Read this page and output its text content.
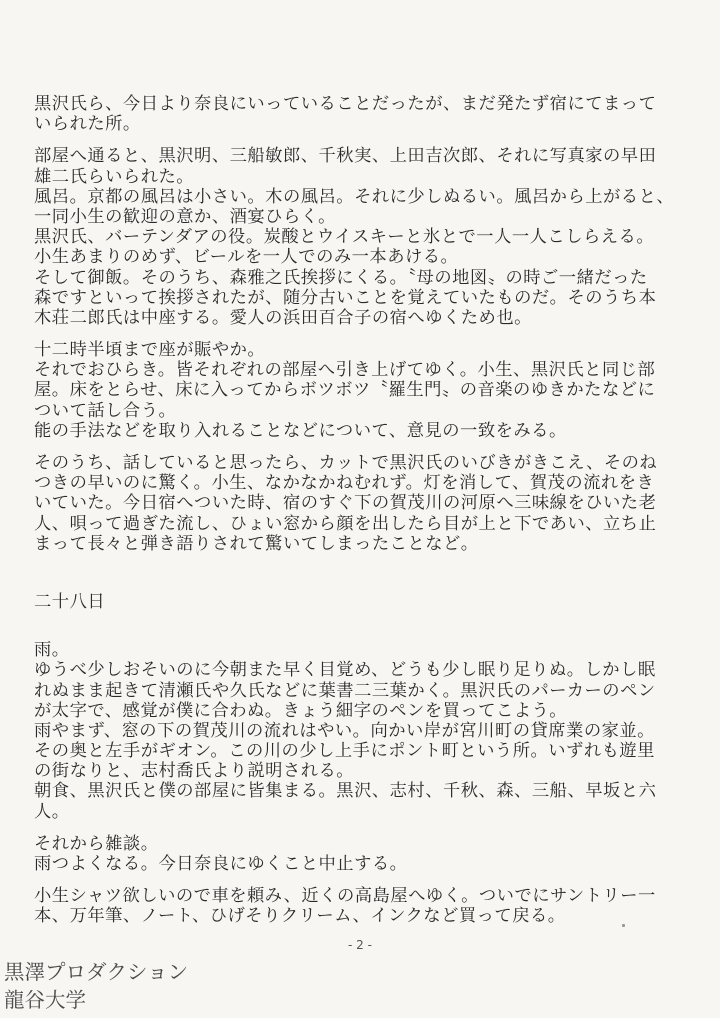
黒沢氏ら、今日より奈良にいっていることだったが、まだ発たず宿にてまって
いられた所。
部屋へ通ると、黒沢明、三船敏郎、千秋実、上田吉次郎、それに写真家の早田
雄二氏らいられた。
風呂。京都の風呂は小さい。木の風呂。それに少しぬるい。風呂から上がると、
一同小生の歓迎の意か、酒宴ひらく。
黒沢氏、バーテンダアの役。炭酸とウイスキーと氷とで一人一人こしらえる。
小生あまりのめず、ビールを一人でのみ一本あける。
そして御飯。そのうち、森雅之氏挨拶にくる。〝母の地図〟の時ご一緒だった
森ですといって挨拶されたが、随分古いことを覚えていたものだ。そのうち本
木荘二郎氏は中座する。愛人の浜田百合子の宿へゆくため也。
十二時半頃まで座が賑やか。
それでおひらき。皆それぞれの部屋へ引き上げてゆく。小生、黒沢氏と同じ部
屋。床をとらせ、床に入ってからボツボツ〝羅生門〟の音楽のゆきかたなどに
ついて話し合う。
能の手法などを取り入れることなどについて、意見の一致をみる。
そのうち、話していると思ったら、カットで黒沢氏のいびきがきこえ、そのね
つきの早いのに驚く。小生、なかなかねむれず。灯を消して、賀茂の流れをき
いていた。今日宿へついた時、宿のすぐ下の賀茂川の河原へ三味線をひいた老
人、唄って過ぎた流し、ひょい窓から顔を出したら目が上と下であい、立ち止
まって長々と弾き語りされて驚いてしまったことなど。
二十八日
雨。
ゆうべ少しおそいのに今朝また早く目覚め、どうも少し眠り足りぬ。しかし眠
れぬまま起きて清瀬氏や久氏などに葉書二三葉かく。黒沢氏のパーカーのペン
が太字で、感覚が僕に合わぬ。きょう細字のペンを買ってこよう。
雨やまず、窓の下の賀茂川の流れはやい。向かい岸が宮川町の貸席業の家並。
その奥と左手がギオン。この川の少し上手にポント町という所。いずれも遊里
の街なりと、志村喬氏より説明される。
朝食、黒沢氏と僕の部屋に皆集まる。黒沢、志村、千秋、森、三船、早坂と六
人。
それから雑談。
雨つよくなる。今日奈良にゆくこと中止する。
小生シャツ欲しいので車を頼み、近くの高島屋へゆく。ついでにサントリー一
本、万年筆、ノート、ひげそりクリーム、インクなど買って戻る。
- 2 -
黒澤プロダクション
龍谷大学
